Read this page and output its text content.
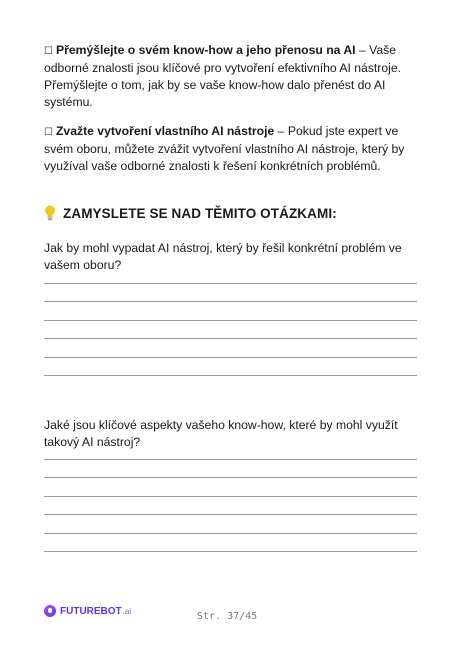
☐ Přemýšlejte o svém know-how a jeho přenosu na AI – Vaše odborné znalosti jsou klíčové pro vytvoření efektivního AI nástroje. Přemýšlejte o tom, jak by se vaše know-how dalo přenést do AI systému.
☐ Zvažte vytvoření vlastního AI nástroje – Pokud jste expert ve svém oboru, můžete zvážit vytvoření vlastního AI nástroje, který by využíval vaše odborné znalosti k řešení konkrétních problémů.
ZAMYSLETE SE NAD TĚMITO OTÁZKAMI:
Jak by mohl vypadat AI nástroj, který by řešil konkrétní problém ve vašem oboru?
Jaké jsou klíčové aspekty vašeho know-how, které by mohl využít takový AI nástroj?
FUTUREBOT .ai	Str. 37/45
